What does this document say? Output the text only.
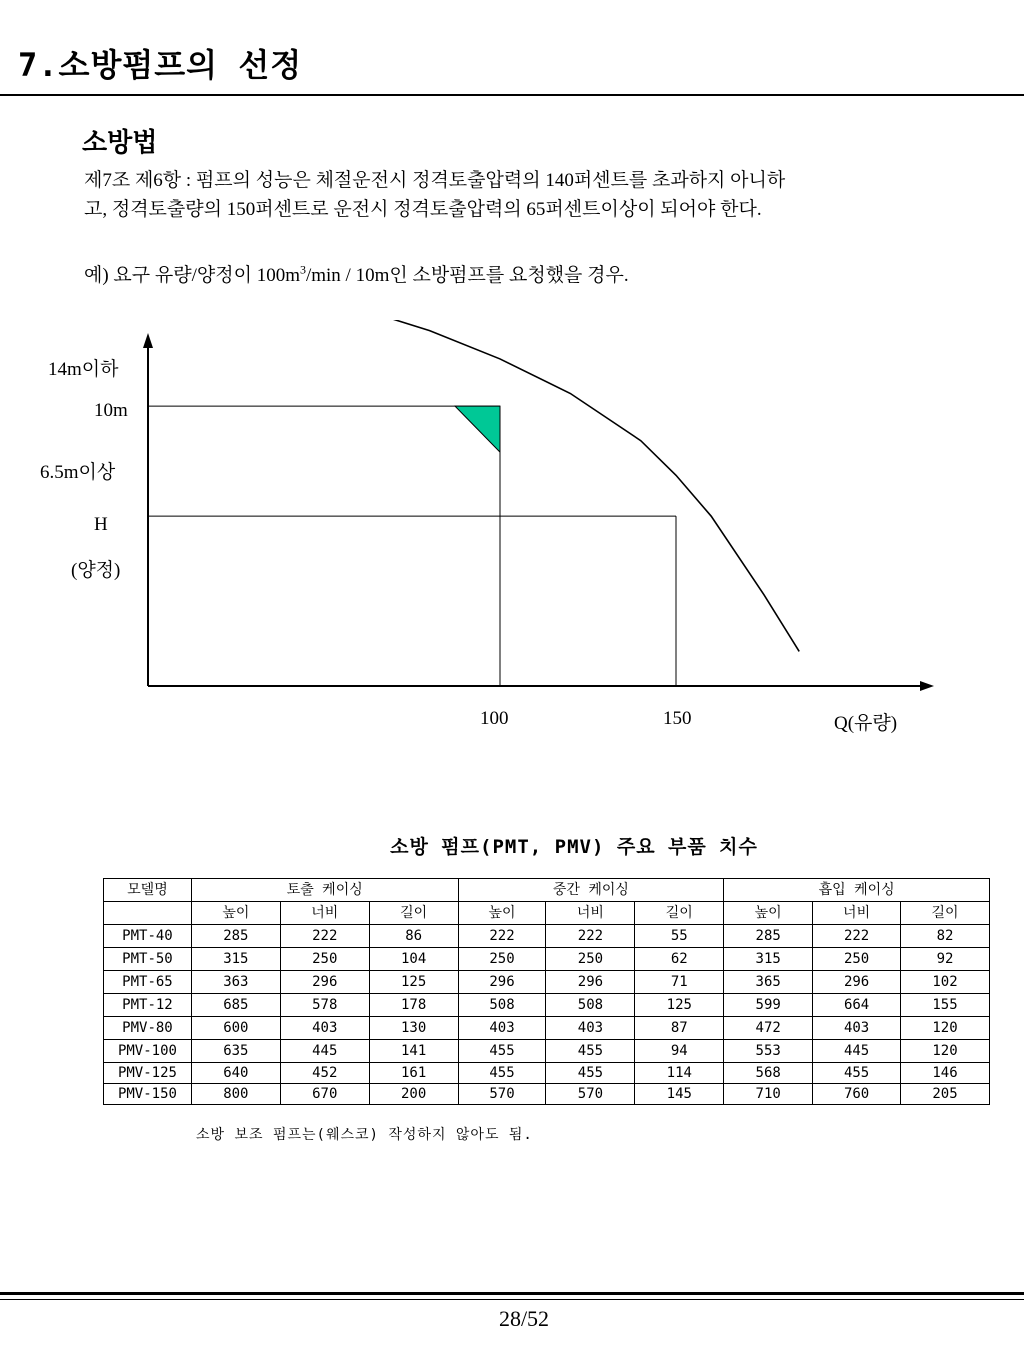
7.소방펌프의 선정
소방법
제7조 제6항 : 펌프의 성능은 체절운전시 정격토출압력의 140퍼센트를 초과하지 아니하
고, 정격토출량의 150퍼센트로 운전시 정격토출압력의 65퍼센트이상이 되어야 한다.
예) 요구 유량/양정이 $100m^3/\min / 10m$인 소방펌프를 요청했을 경우.
14m이하
10m
6.5m이상
H
(양정)
100	150	Q(유량)
소방 펌프(PMT, PMV) 주요 부품 치수
모델명	토출 케이싱			중간 케이싱			흡입 케이싱		
	높이	너비	길이	높이	너비	길이	높이	너비	길이
PMT-40	285	222	86	222	222	55	285	222	82
PMT-50	315	250	104	250	250	62	315	250	92
PMT-65	363	296	125	296	296	71	365	296	102
PMT-12	685	578	178	508	508	125	599	664	155
PMV-80	600	403	130	403	403	87	472	403	120
PMV-100	635	445	141	455	455	94	553	445	120
PMV-125	640	452	161	455	455	114	568	455	146
PMV-150	800	670	200	570	570	145	710	760	205
소방 보조 펌프는(웨스코) 작성하지 않아도 됨.
28/52
